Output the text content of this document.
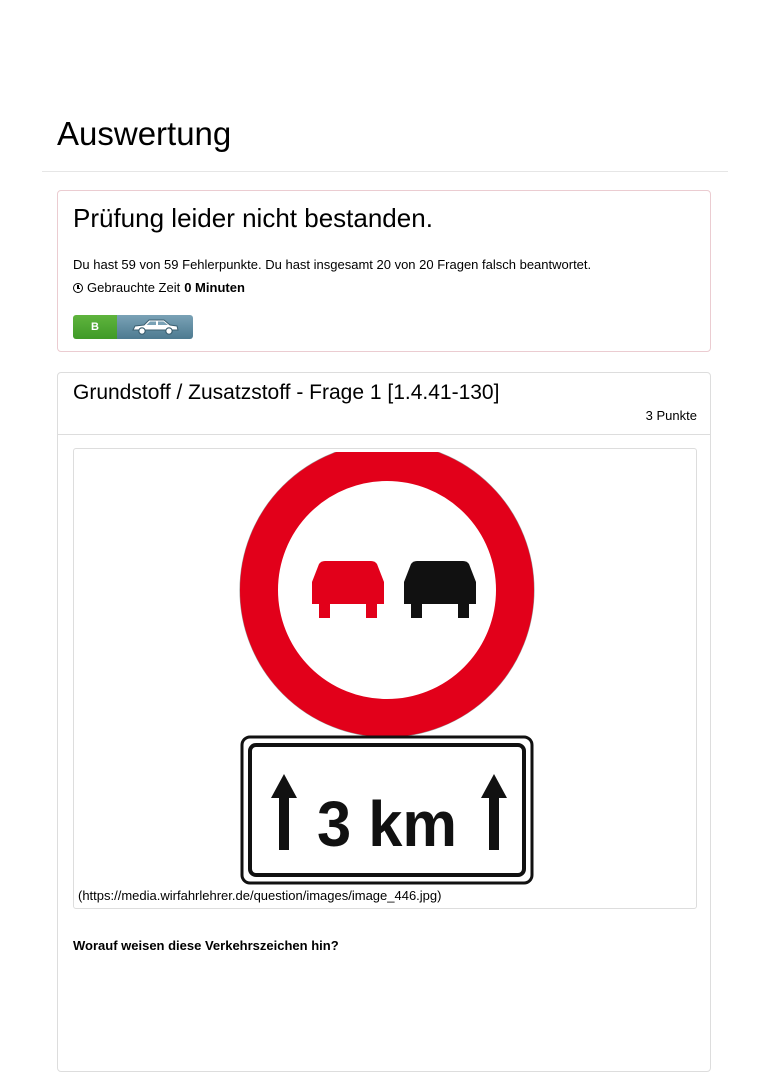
Auswertung
Prüfung leider nicht bestanden.
Du hast 59 von 59 Fehlerpunkte. Du hast insgesamt 20 von 20 Fragen falsch beantwortet.
Gebrauchte Zeit 0 Minuten
B
Grundstoff / Zusatzstoff - Frage 1 [1.4.41-130]
3 Punkte
3 km
(https://media.wirfahrlehrer.de/question/images/image_446.jpg)
Worauf weisen diese Verkehrszeichen hin?
